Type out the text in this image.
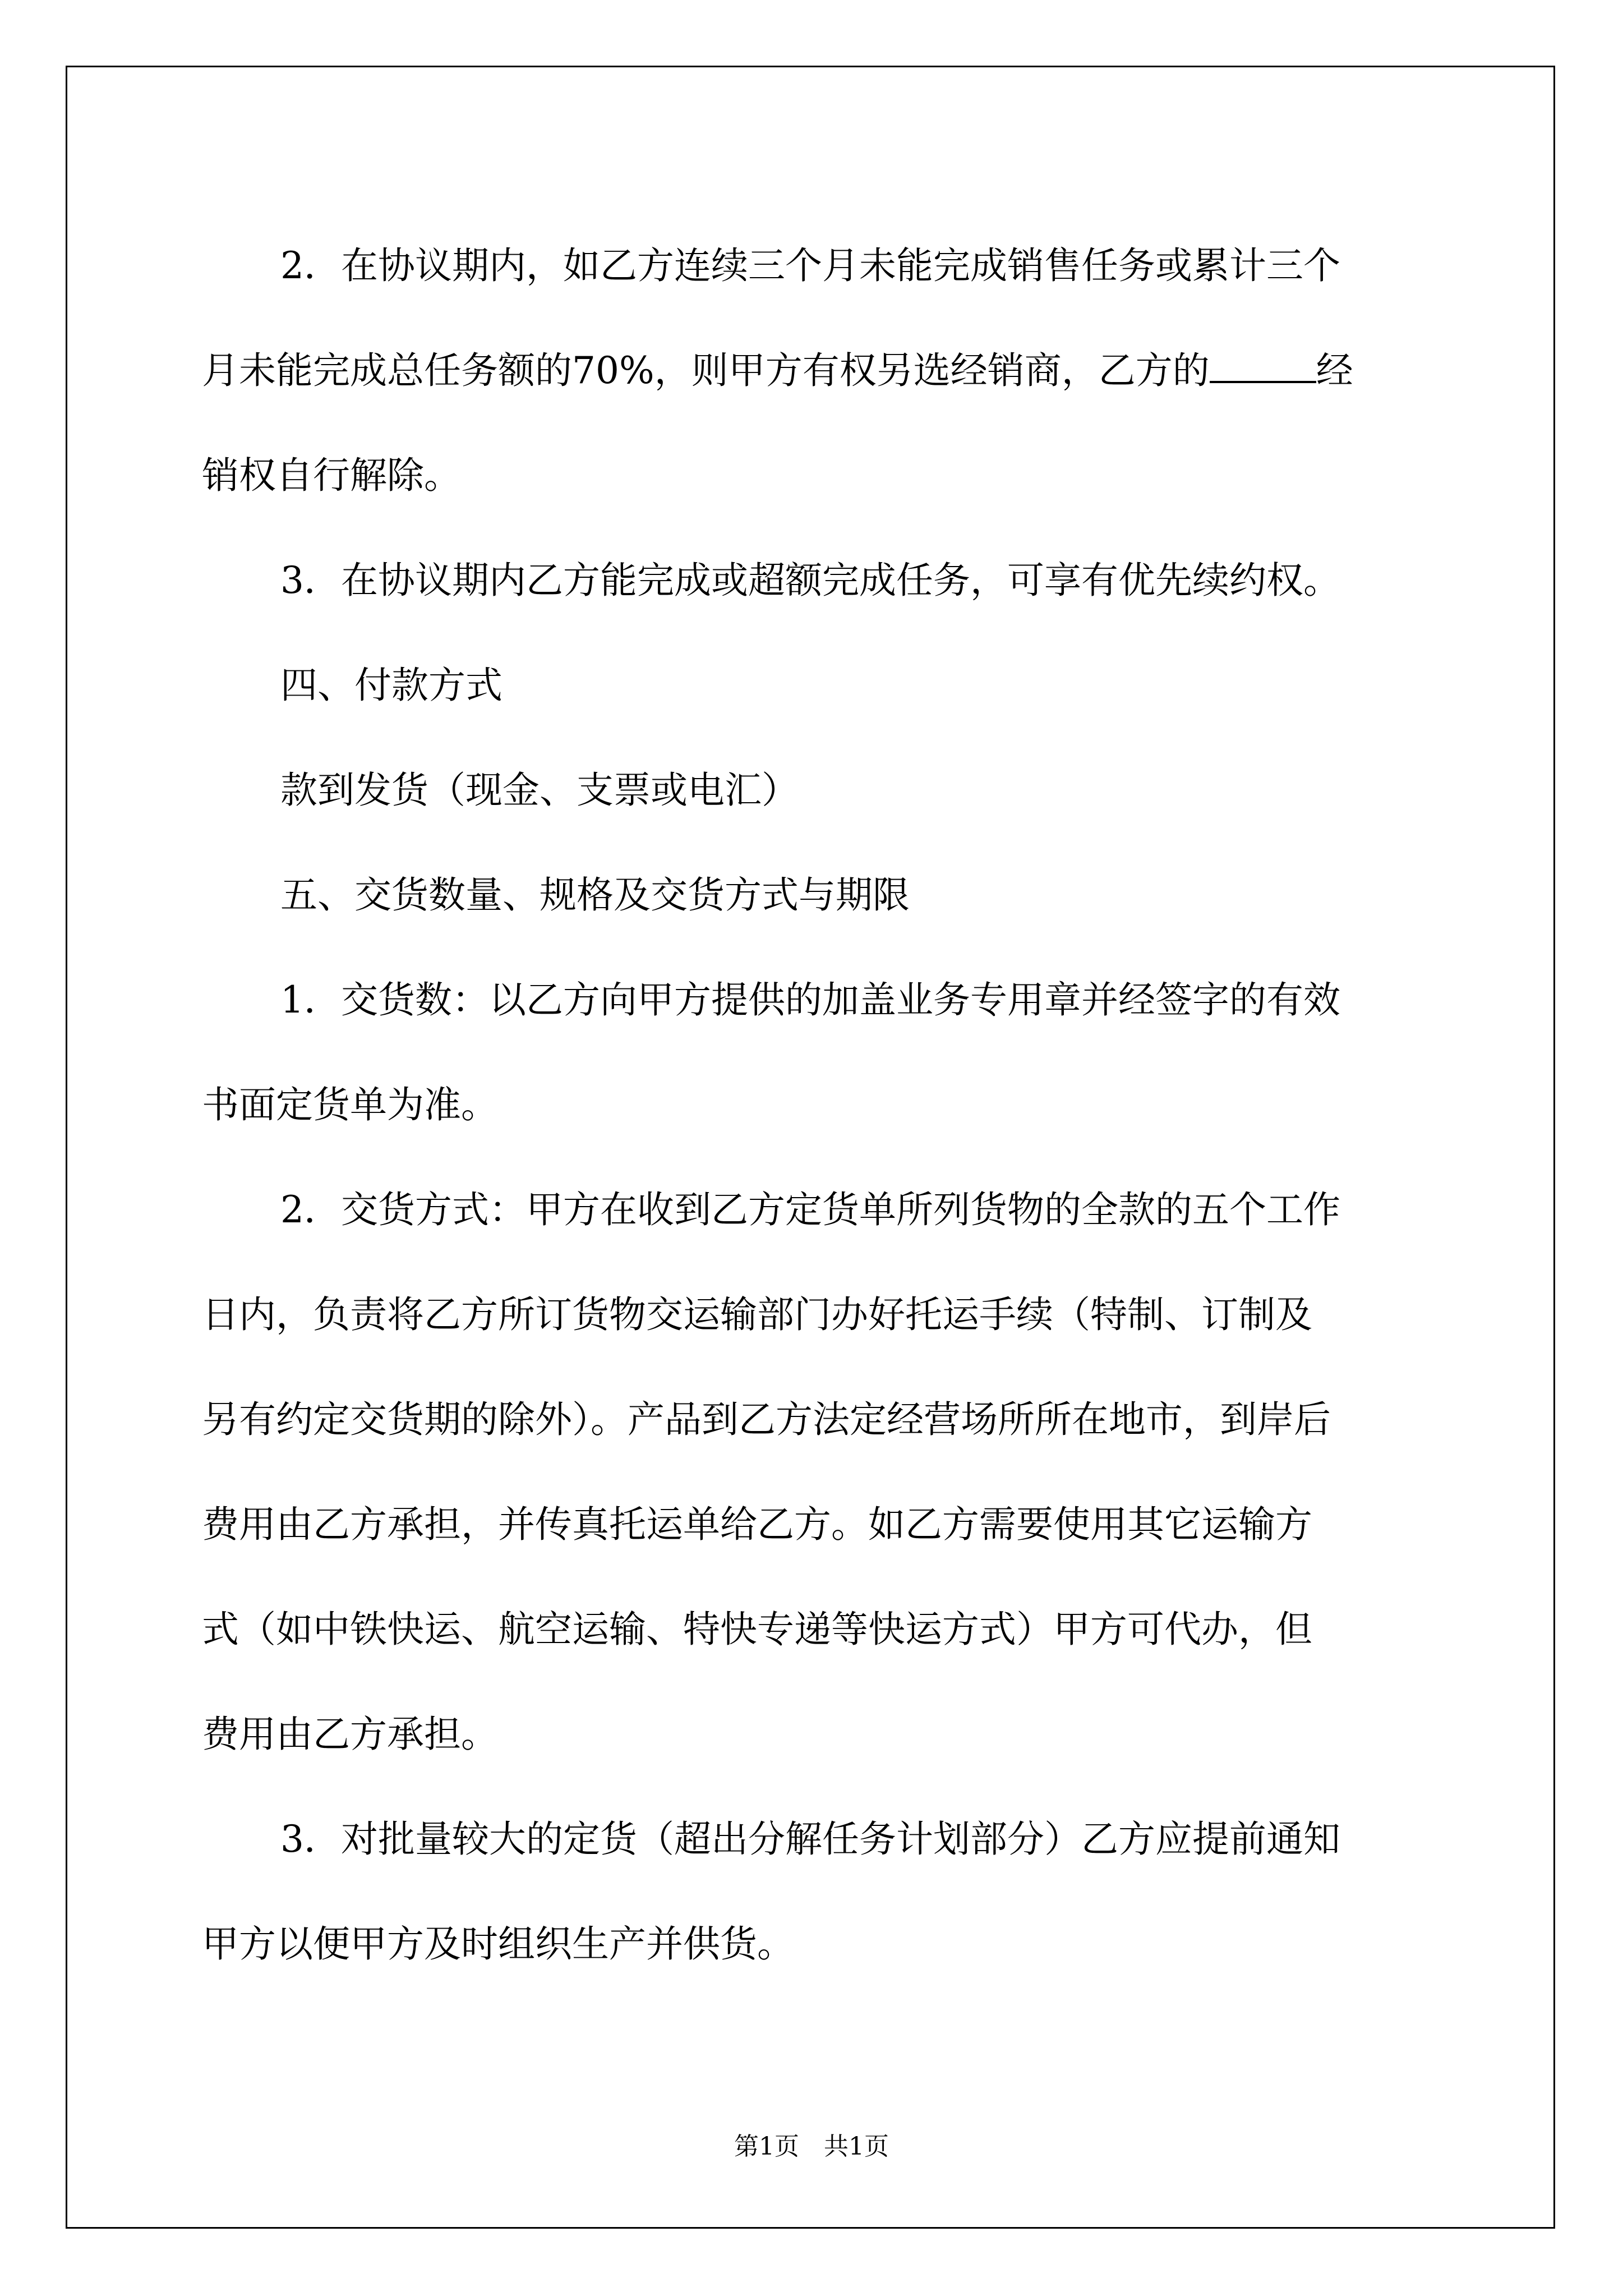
2．在协议期内，如乙方连续三个月未能完成销售任务或累计三个
月未能完成总任务额的70%，则甲方有权另选经销商，乙方的	经
销权自行解除。
3．在协议期内乙方能完成或超额完成任务，可享有优先续约权。
四、付款方式
款到发货（现金、支票或电汇）
五、交货数量、规格及交货方式与期限
1．交货数：以乙方向甲方提供的加盖业务专用章并经签字的有效
书面定货单为准。
2．交货方式：甲方在收到乙方定货单所列货物的全款的五个工作
日内，负责将乙方所订货物交运输部门办好托运手续（特制、订制及
另有约定交货期的除外）。产品到乙方法定经营场所所在地市，到岸后
费用由乙方承担，并传真托运单给乙方。如乙方需要使用其它运输方
式（如中铁快运、航空运输、特快专递等快运方式）甲方可代办，但
费用由乙方承担。
3．对批量较大的定货（超出分解任务计划部分）乙方应提前通知
甲方以便甲方及时组织生产并供货。
第1页　共1页
